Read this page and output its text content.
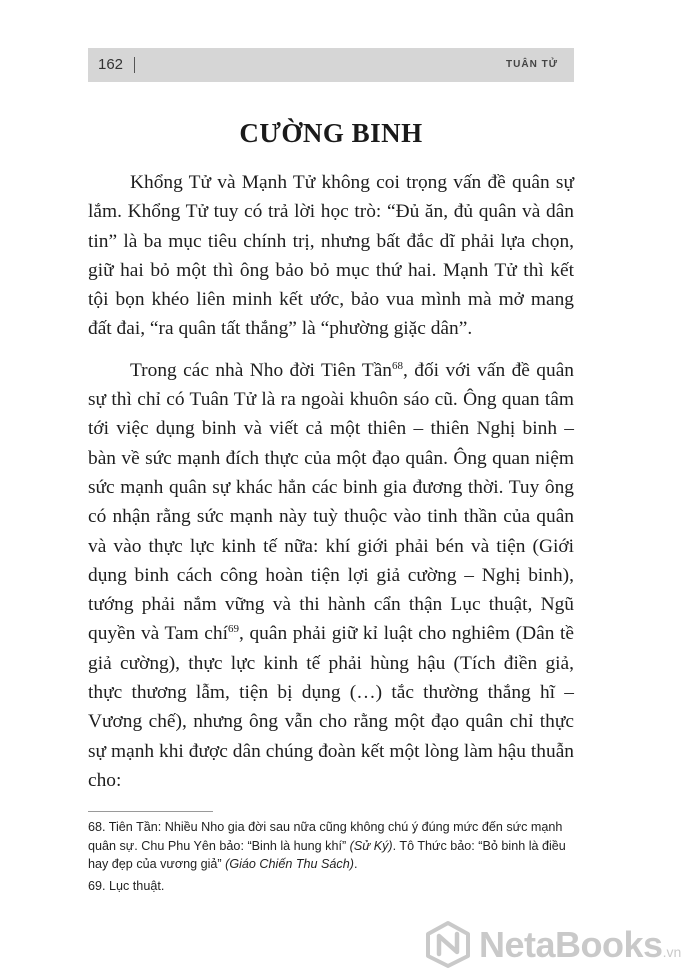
162	TUÂN TỬ
CƯỜNG BINH

Khổng Tử và Mạnh Tử không coi trọng vấn đề quân sự lắm. Khổng Tử tuy có trả lời học trò: “Đủ ăn, đủ quân và dân tin” là ba mục tiêu chính trị, nhưng bất đắc dĩ phải lựa chọn, giữ hai bỏ một thì ông bảo bỏ mục thứ hai. Mạnh Tử thì kết tội bọn khéo liên minh kết ước, bảo vua mình mà mở mang đất đai, “ra quân tất thắng” là “phường giặc dân”.

Trong các nhà Nho đời Tiên Tần$^{68}$, đối với vấn đề quân sự thì chỉ có Tuân Tử là ra ngoài khuôn sáo cũ. Ông quan tâm tới việc dụng binh và viết cả một thiên – thiên Nghị binh – bàn về sức mạnh đích thực của một đạo quân. Ông quan niệm sức mạnh quân sự khác hẳn các binh gia đương thời. Tuy ông có nhận rằng sức mạnh này tuỳ thuộc vào tinh thần của quân và vào thực lực kinh tế nữa: khí giới phải bén và tiện (Giới dụng binh cách công hoàn tiện lợi giả cường – Nghị binh), tướng phải nắm vững và thi hành cẩn thận Lục thuật, Ngũ quyền và Tam chí$^{69}$, quân phải giữ kỉ luật cho nghiêm (Dân tề giả cường), thực lực kinh tế phải hùng hậu (Tích điền giả, thực thương lẫm, tiện bị dụng (…) tắc thường thắng hĩ – Vương chế), nhưng ông vẫn cho rằng một đạo quân chỉ thực sự mạnh khi được dân chúng đoàn kết một lòng làm hậu thuẫn cho:

68. Tiên Tần: Nhiều Nho gia đời sau nữa cũng không chú ý đúng mức đến sức mạnh quân sự. Chu Phu Yên bảo: “Binh là hung khí” (Sử Ký). Tô Thức bảo: “Bỏ binh là điều hay đẹp của vương giả” (Giáo Chiến Thu Sách).

69. Lục thuật.

NetaBooks.vn
